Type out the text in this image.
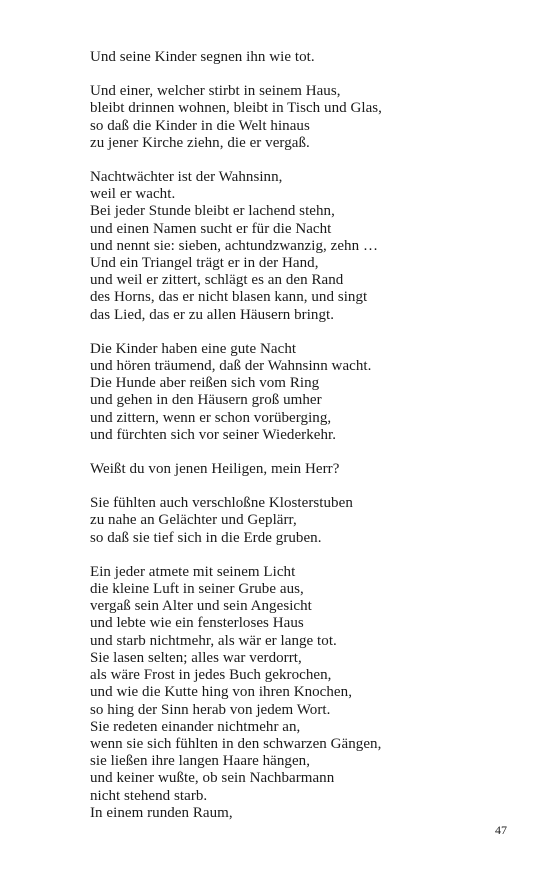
Und seine Kinder segnen ihn wie tot.
Und einer, welcher stirbt in seinem Haus,
bleibt drinnen wohnen, bleibt in Tisch und Glas,
so daß die Kinder in die Welt hinaus
zu jener Kirche ziehn, die er vergaß.
Nachtwächter ist der Wahnsinn,
weil er wacht.
Bei jeder Stunde bleibt er lachend stehn,
und einen Namen sucht er für die Nacht
und nennt sie: sieben, achtundzwanzig, zehn …
Und ein Triangel trägt er in der Hand,
und weil er zittert, schlägt es an den Rand
des Horns, das er nicht blasen kann, und singt
das Lied, das er zu allen Häusern bringt.
Die Kinder haben eine gute Nacht
und hören träumend, daß der Wahnsinn wacht.
Die Hunde aber reißen sich vom Ring
und gehen in den Häusern groß umher
und zittern, wenn er schon vorüberging,
und fürchten sich vor seiner Wiederkehr.
Weißt du von jenen Heiligen, mein Herr?
Sie fühlten auch verschloßne Klosterstuben
zu nahe an Gelächter und Geplärr,
so daß sie tief sich in die Erde gruben.
Ein jeder atmete mit seinem Licht
die kleine Luft in seiner Grube aus,
vergaß sein Alter und sein Angesicht
und lebte wie ein fensterloses Haus
und starb nichtmehr, als wär er lange tot.
Sie lasen selten; alles war verdorrt,
als wäre Frost in jedes Buch gekrochen,
und wie die Kutte hing von ihren Knochen,
so hing der Sinn herab von jedem Wort.
Sie redeten einander nichtmehr an,
wenn sie sich fühlten in den schwarzen Gängen,
sie ließen ihre langen Haare hängen,
und keiner wußte, ob sein Nachbarmann
nicht stehend starb.
In einem runden Raum,
47
